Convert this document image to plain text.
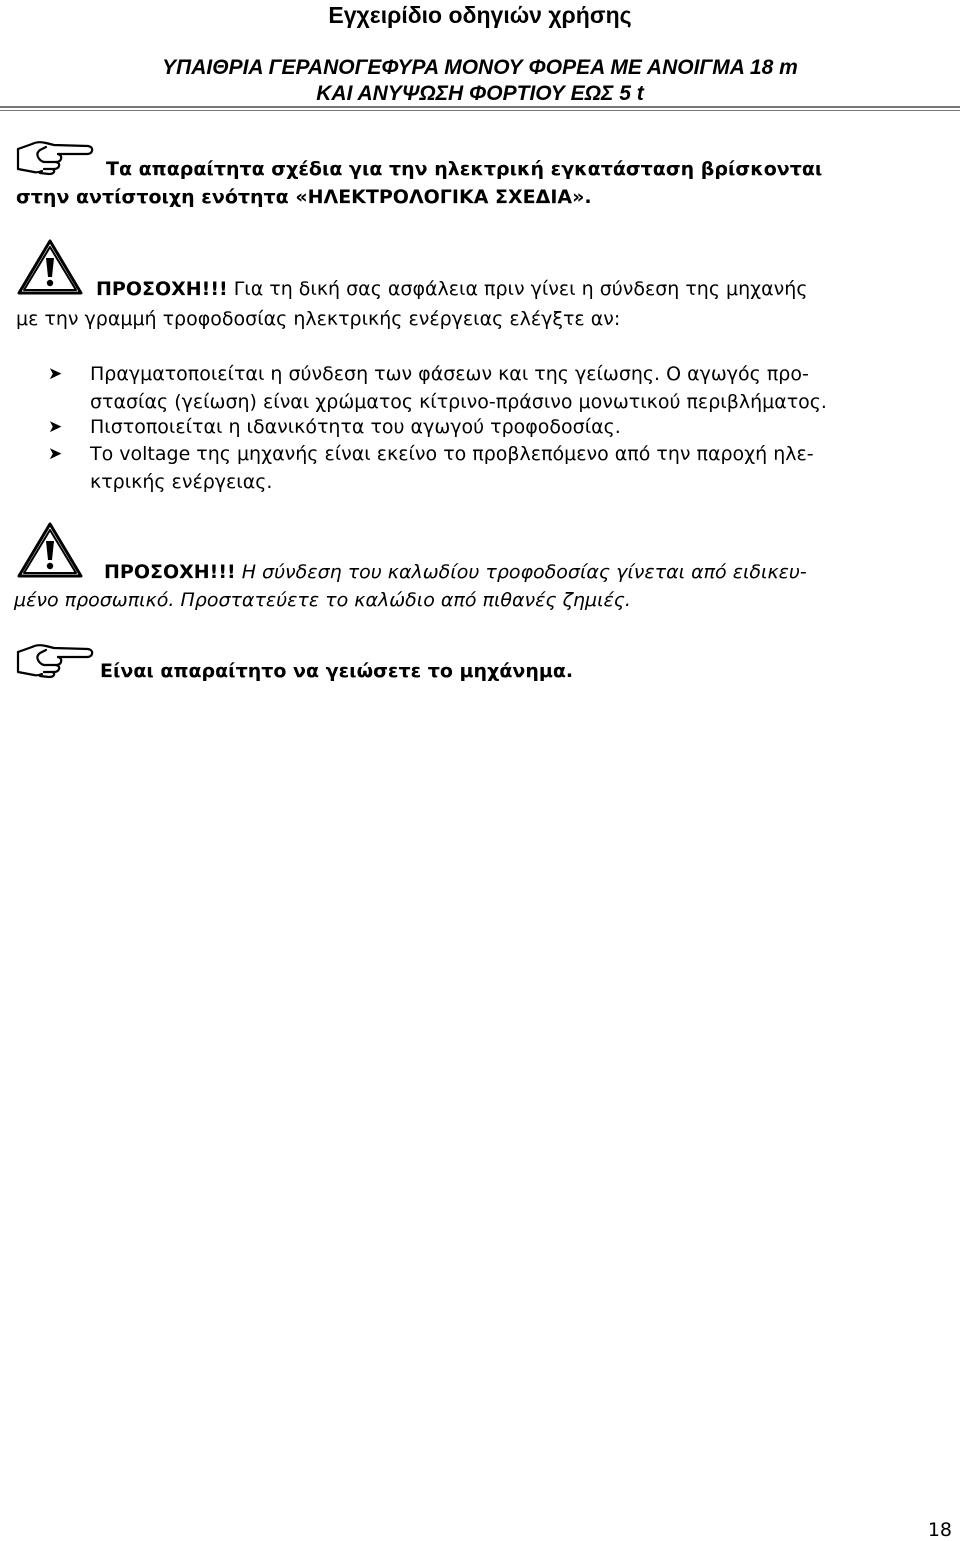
Εγχειρίδιο οδηγιών χρήσης
ΥΠΑΙΘΡΙΑ ΓΕΡΑΝΟΓΕΦΥΡΑ ΜΟΝΟΥ ΦΟΡΕΑ ΜΕ ΑΝΟΙΓΜΑ 18 m
ΚΑΙ ΑΝΥΨΩΣΗ ΦΟΡΤΙΟΥ ΕΩΣ 5 t
Τα απαραίτητα σχέδια για την ηλεκτρική εγκατάσταση βρίσκονται
στην αντίστοιχη ενότητα «ΗΛΕΚΤΡΟΛΟΓΙΚΑ ΣΧΕΔΙΑ».
ΠΡΟΣΟΧΗ!!! Για τη δική σας ασφάλεια πριν γίνει η σύνδεση της μηχανής
με την γραμμή τροφοδοσίας ηλεκτρικής ενέργειας ελέγξτε αν:
➤ Πραγματοποιείται η σύνδεση των φάσεων και της γείωσης. Ο αγωγός προ-
στασίας (γείωση) είναι χρώματος κίτρινο-πράσινο μονωτικού περιβλήματος.
➤ Πιστοποιείται η ιδανικότητα του αγωγού τροφοδοσίας.
➤ Το voltage της μηχανής είναι εκείνο το προβλεπόμενο από την παροχή ηλε-
κτρικής ενέργειας.
ΠΡΟΣΟΧΗ!!! Η σύνδεση του καλωδίου τροφοδοσίας γίνεται από ειδικευ-
μένο προσωπικό. Προστατεύετε το καλώδιο από πιθανές ζημιές.
Είναι απαραίτητο να γειώσετε το μηχάνημα.
18
